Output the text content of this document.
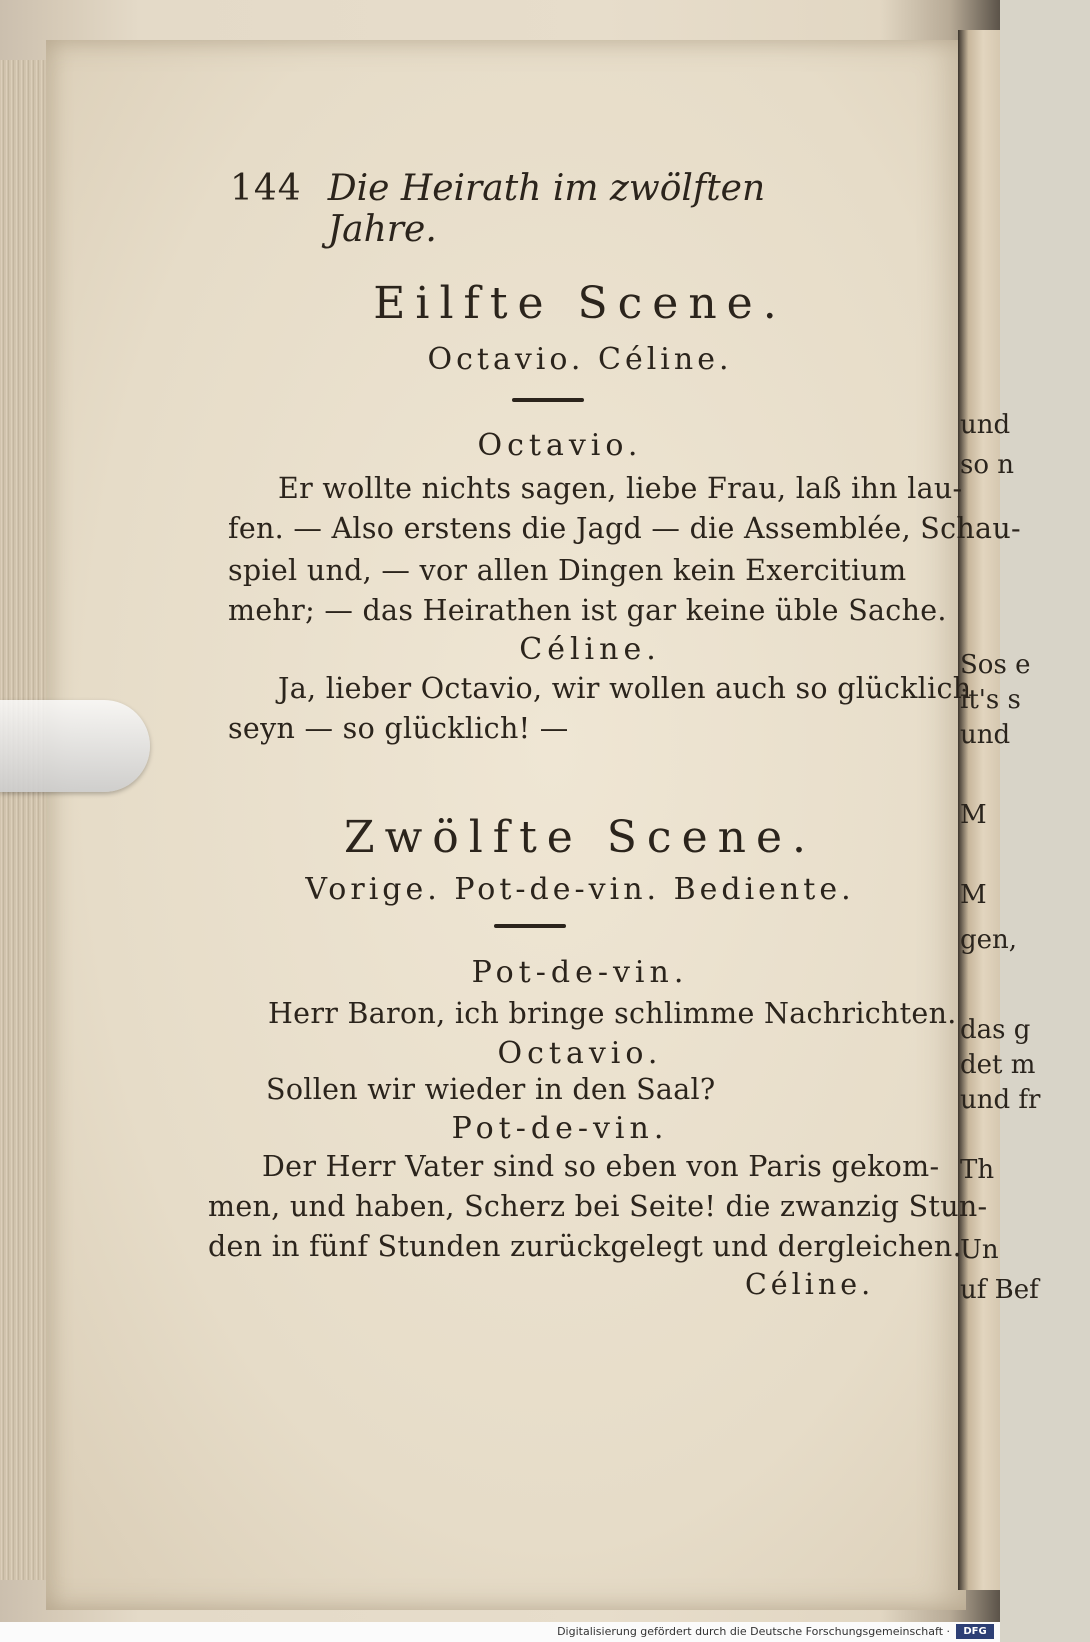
und
so n
Sos e
it's s
und
M
M
gen,
das g
det m
und fr
Th
Un
uf Bef
144 Die Heirath im zwölften Jahre.
Eilfte Scene.
Octavio. Céline.
Octavio.
Er wollte nichts sagen, liebe Frau, laß ihn lau-
fen. — Also erstens die Jagd — die Assemblée, Schau-
spiel und, — vor allen Dingen kein Exercitium
mehr; — das Heirathen ist gar keine üble Sache.
Céline.
Ja, lieber Octavio, wir wollen auch so glücklich
seyn — so glücklich! —
Zwölfte Scene.
Vorige. Pot-de-vin. Bediente.
Pot-de-vin.
Herr Baron, ich bringe schlimme Nachrichten.
Octavio.
Sollen wir wieder in den Saal?
Pot-de-vin.
Der Herr Vater sind so eben von Paris gekom-
men, und haben, Scherz bei Seite! die zwanzig Stun-
den in fünf Stunden zurückgelegt und dergleichen.
Céline.
Digitalisierung gefördert durch die Deutsche Forschungsgemeinschaft ·	DFG
